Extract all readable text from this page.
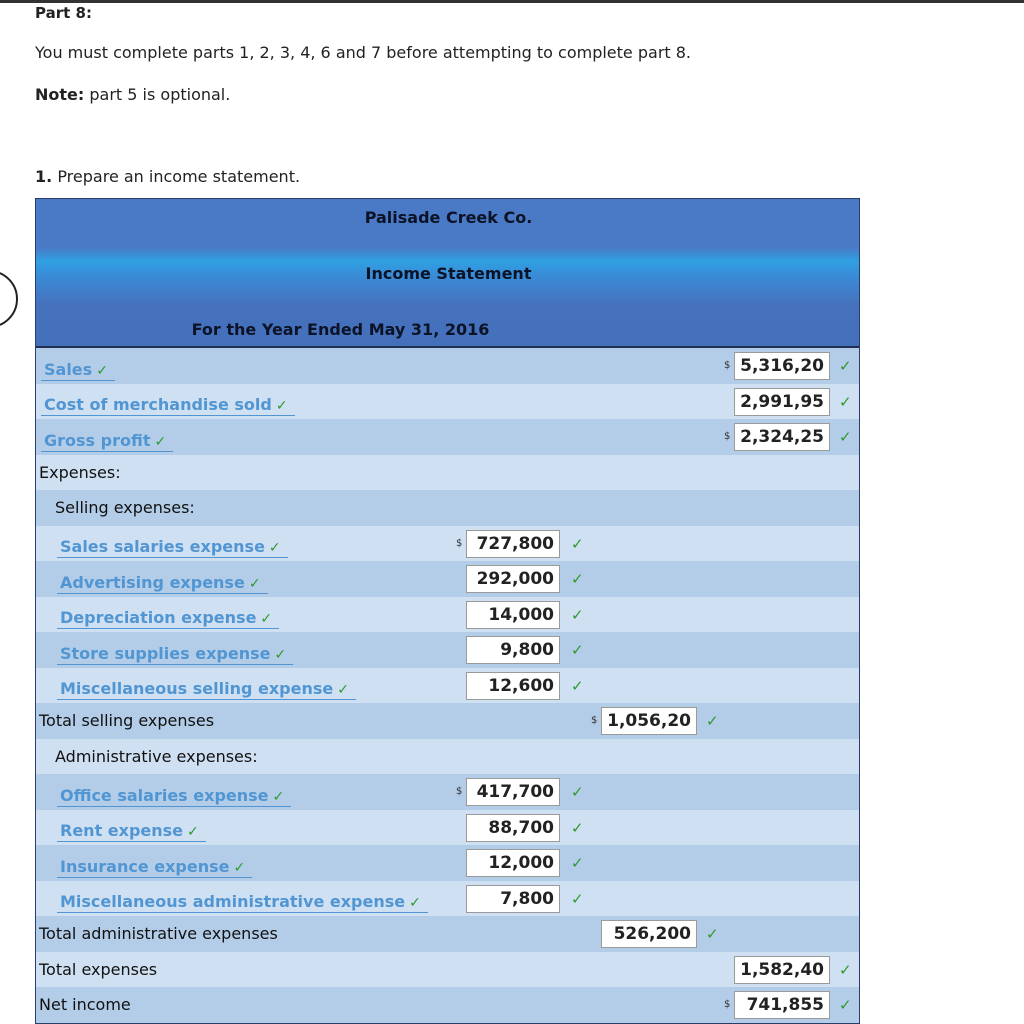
Part 8:
You must complete parts 1, 2, 3, 4, 6 and 7 before attempting to complete part 8.
Note: part 5 is optional.
1. Prepare an income statement.
Palisade Creek Co.
Income Statement
For the Year Ended May 31, 2016
Sales ✓	$ 5,316,20	✓
Cost of merchandise sold ✓	2,991,95	✓
Gross profit ✓	$ 2,324,25	✓
Expenses:
Selling expenses:
Sales salaries expense ✓	$ 727,800	✓
Advertising expense ✓	292,000	✓
Depreciation expense ✓	14,000	✓
Store supplies expense ✓	9,800	✓
Miscellaneous selling expense ✓	12,600	✓
Total selling expenses	$ 1,056,20	✓
Administrative expenses:
Office salaries expense ✓	$ 417,700	✓
Rent expense ✓	88,700	✓
Insurance expense ✓	12,000	✓
Miscellaneous administrative expense ✓	7,800	✓
Total administrative expenses	526,200	✓
Total expenses	1,582,40	✓
Net income	$ 741,855	✓
